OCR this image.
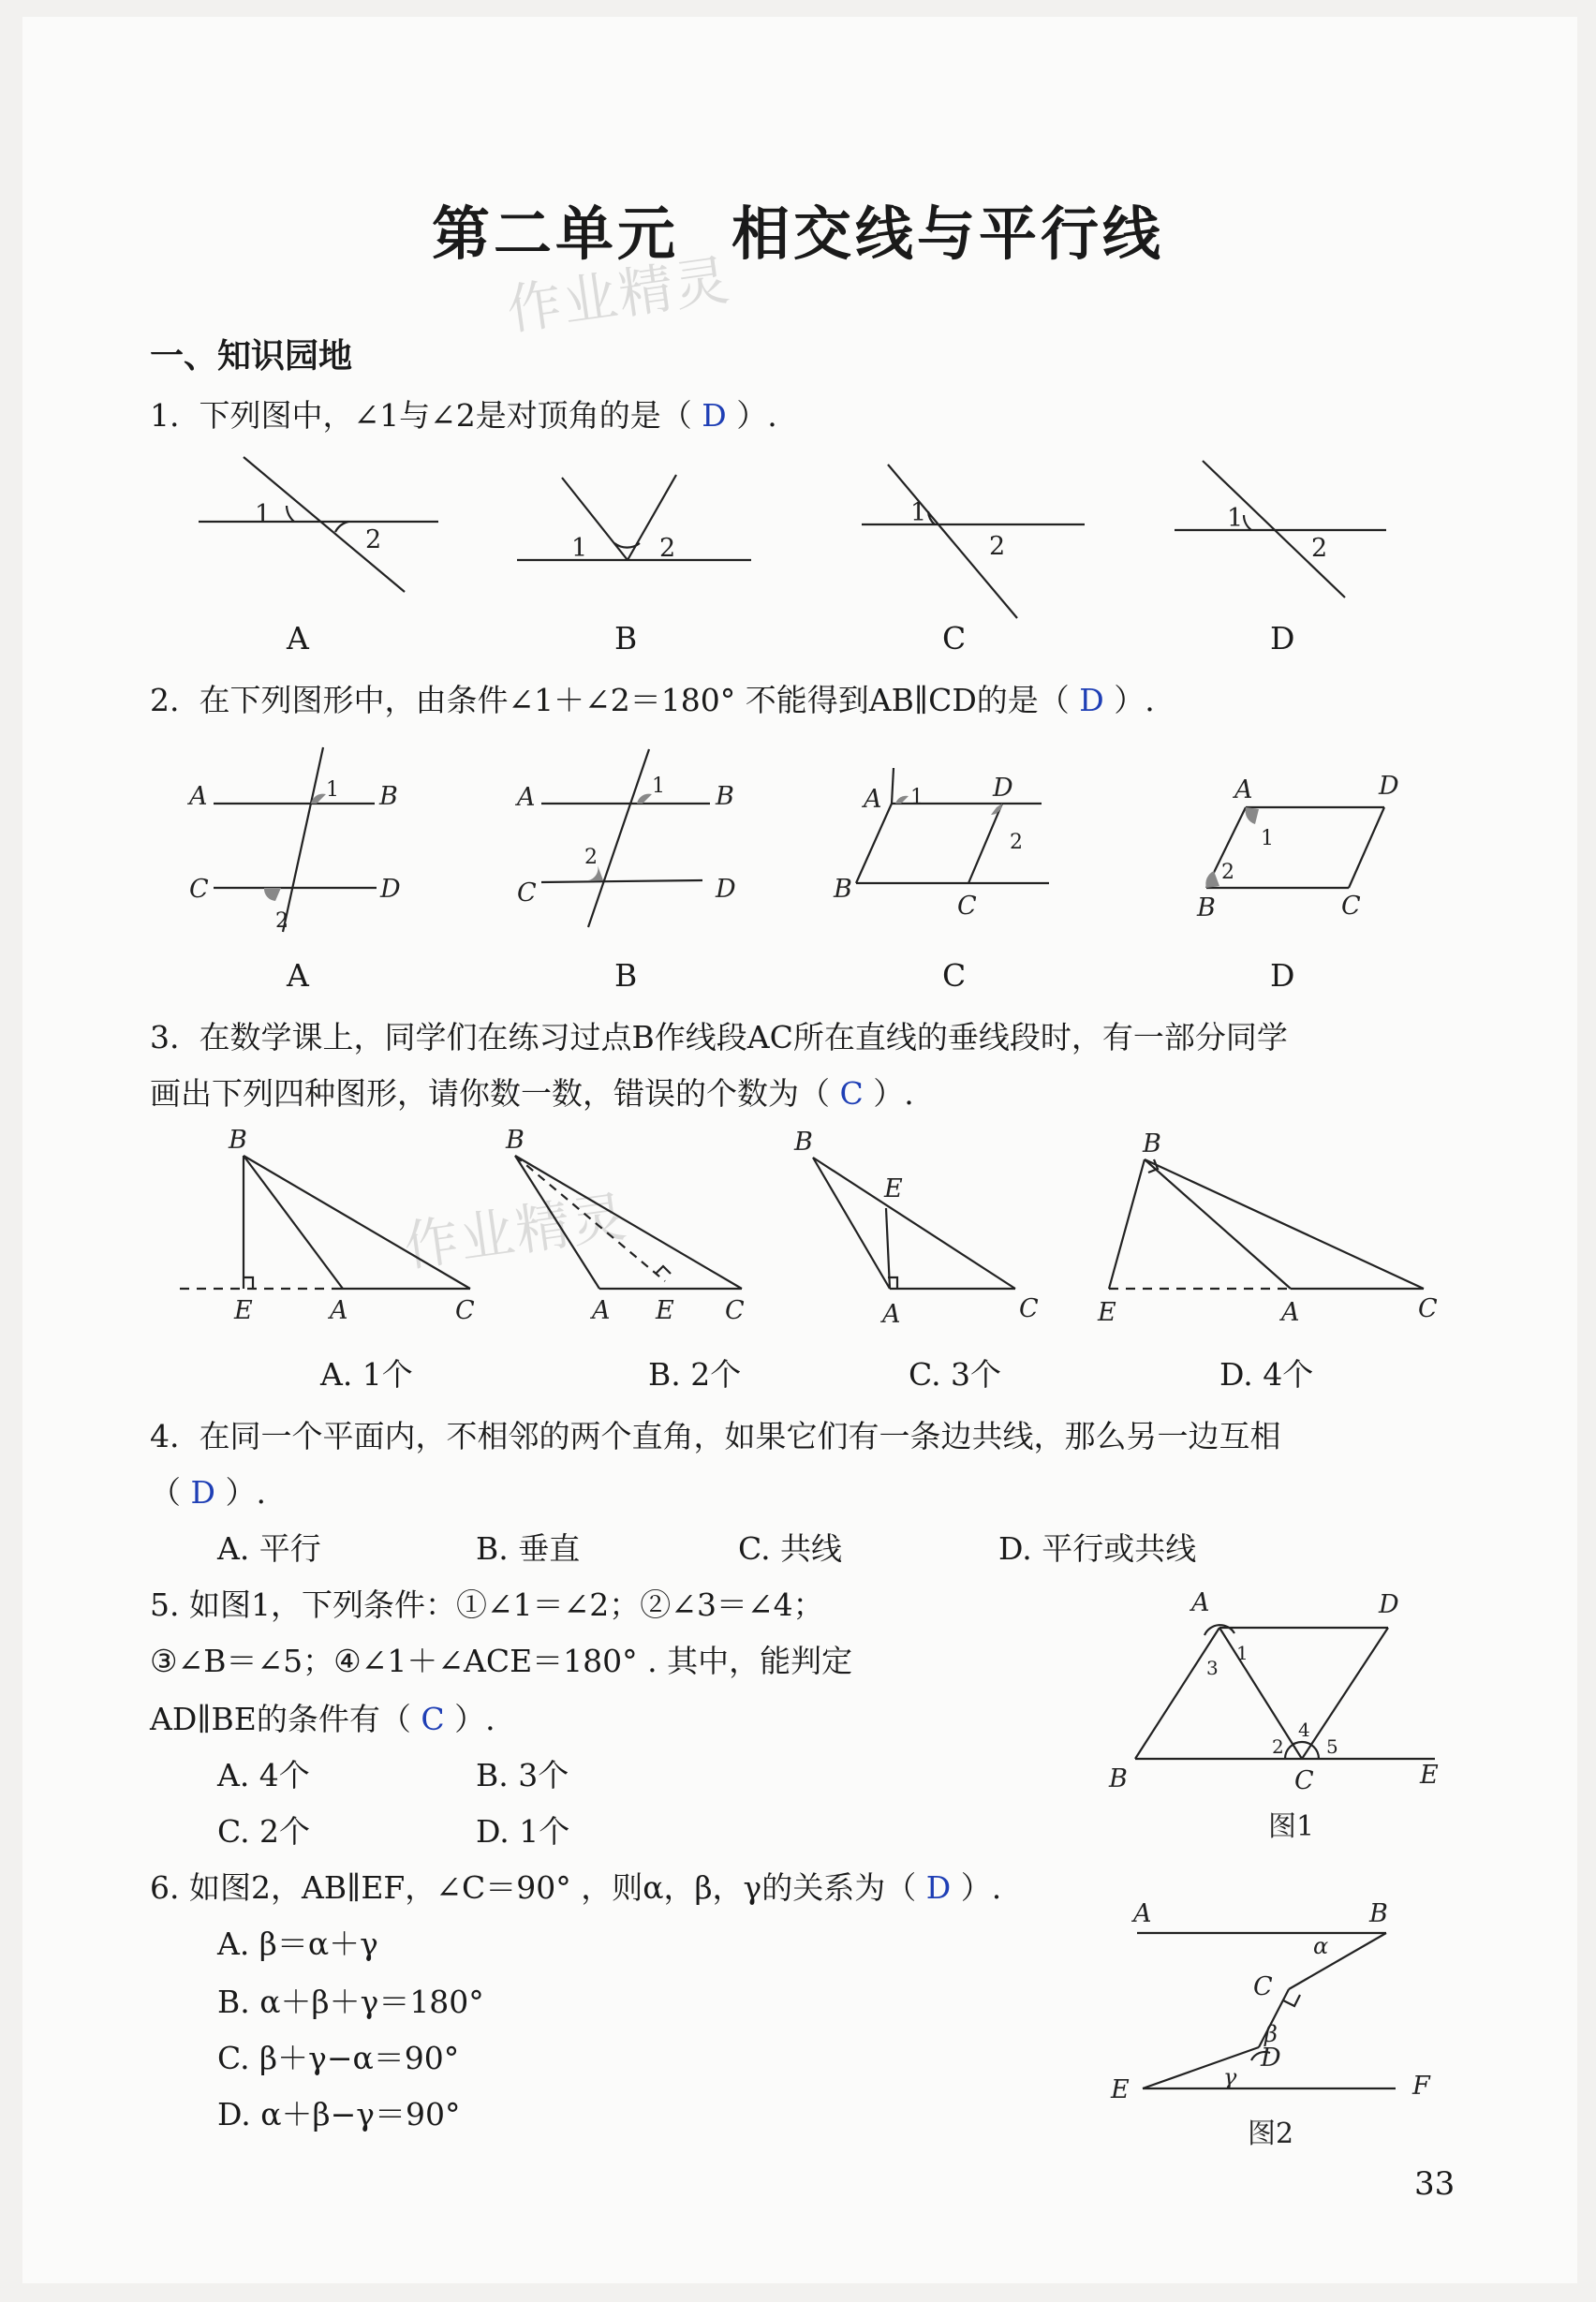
第二单元 相交线与平行线
作业精灵
作业精灵
一、知识园地
1. 下列图中，∠1与∠2是对顶角的是（ D ）.
1
2	1	2
1
2
1
2
A	B	C	D
2. 在下列图形中，由条件∠1＋∠2＝180° 不能得到AB∥CD的是（ D ）.
A	B
C	D
A	B
C	D
A	D
B
C
A	D
B	C
1
2
1
2
1
2	1
2
A	B	C	D
3. 在数学课上，同学们在练习过点B作线段AC所在直线的垂线段时，有一部分同学
画出下列四种图形，请你数一数，错误的个数为（ C ）.
B
E	A	C
B
A E C
B
E
A	C
B
E	A	C
A. 1个	B. 2个	C. 3个	D. 4个
4. 在同一个平面内，不相邻的两个直角，如果它们有一条边共线，那么另一边互相
（ D ）.
A. 平行	B. 垂直	C. 共线	D. 平行或共线
5. 如图1，下列条件：①∠1＝∠2；②∠3＝∠4；
③∠B＝∠5；④∠1＋∠ACE＝180° . 其中，能判定
AD∥BE的条件有（ C ）.
A. 4个	B. 3个
C. 2个	D. 1个
A	D
B	C	E
1
2
3
4
5
图1
6. 如图2，AB∥EF，∠C＝90° ，则α，β，γ的关系为（ D ）.
A. β＝α＋γ
B. α＋β＋γ＝180°
C. β＋γ−α＝90°
D. α＋β−γ＝90°
A	B
C
D
E	F
α
β
γ
图2
33
